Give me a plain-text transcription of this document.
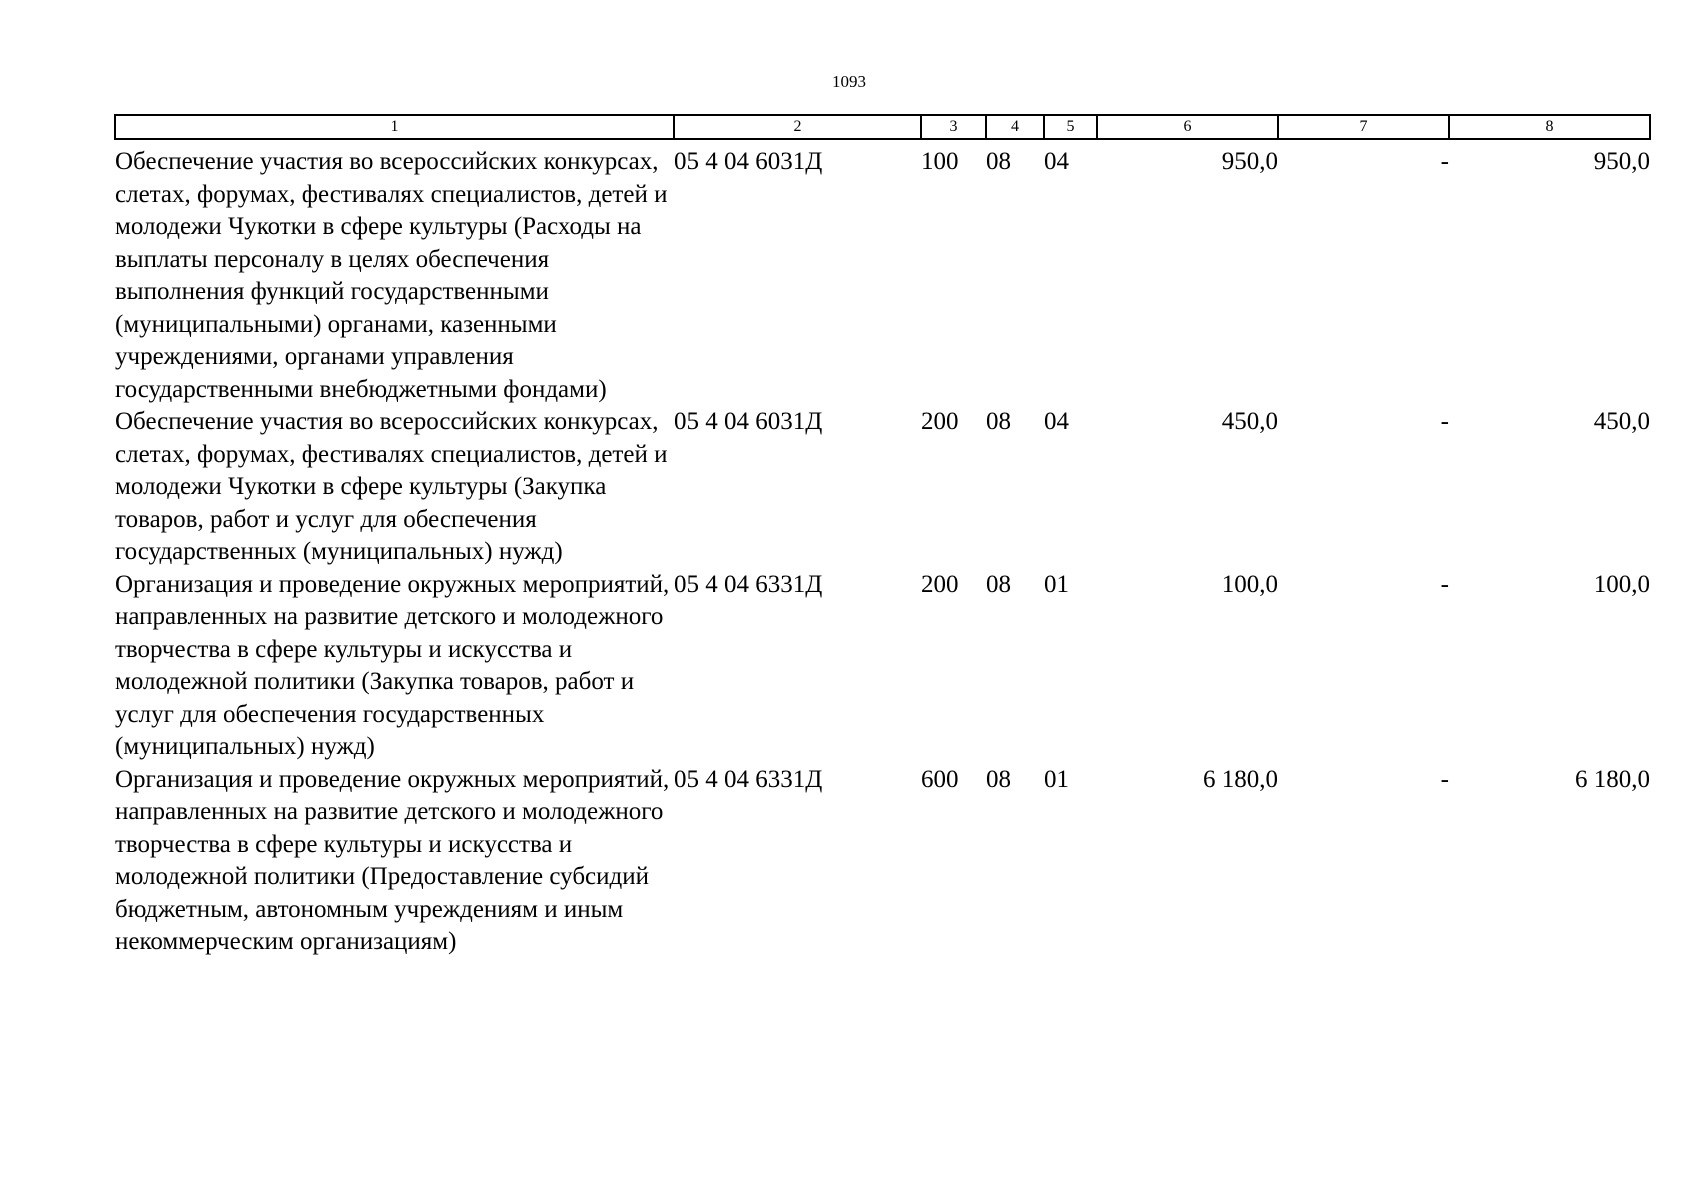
1093
1	2	3	4	5	6	7	8
Обеспечение участия во всероссийских конкурсах, слетах, форумах, фестивалях специалистов, детей и молодежи Чукотки в сфере культуры (Расходы на выплаты персоналу в целях обеспечения выполнения функций государственными (муниципальными) органами, казенными учреждениями, органами управления государственными внебюджетными фондами)	05 4 04 6031Д	100	08	04	950,0	-	950,0
Обеспечение участия во всероссийских конкурсах, слетах, форумах, фестивалях специалистов, детей и молодежи Чукотки в сфере культуры (Закупка товаров, работ и услуг для обеспечения государственных (муниципальных) нужд)	05 4 04 6031Д	200	08	04	450,0	-	450,0
Организация и проведение окружных мероприятий, направленных на развитие детского и молодежного творчества в сфере культуры и искусства и молодежной политики (Закупка товаров, работ и услуг для обеспечения государственных (муниципальных) нужд)	05 4 04 6331Д	200	08	01	100,0	-	100,0
Организация и проведение окружных мероприятий, направленных на развитие детского и молодежного творчества в сфере культуры и искусства и молодежной политики (Предоставление субсидий бюджетным, автономным учреждениям и иным некоммерческим организациям)	05 4 04 6331Д	600	08	01	6 180,0	-	6 180,0
